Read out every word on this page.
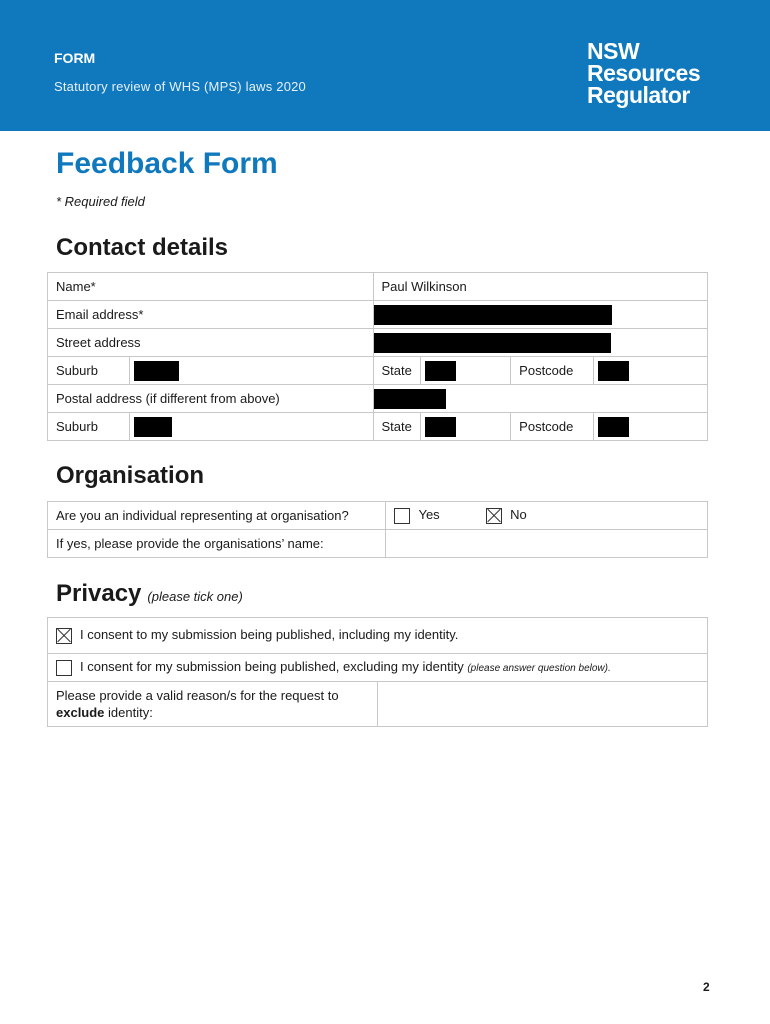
FORM
Statutory review of WHS (MPS) laws 2020
NSW
Resources
Regulator
Feedback Form
* Required field
Contact details
Name*		Paul Wilkinson			
Email address*					
Street address					
Suburb		State		Postcode	
Postal address (if different from above)					
Suburb		State		Postcode	
Organisation
Are you an individual representing at organisation?	Yes No
If yes, please provide the organisations’ name:	
Privacy (please tick one)
I consent to my submission being published, including my identity.
I consent for my submission being published, excluding my identity (please answer question below).
Please provide a valid reason/s for the request to
exclude identity:	
2
